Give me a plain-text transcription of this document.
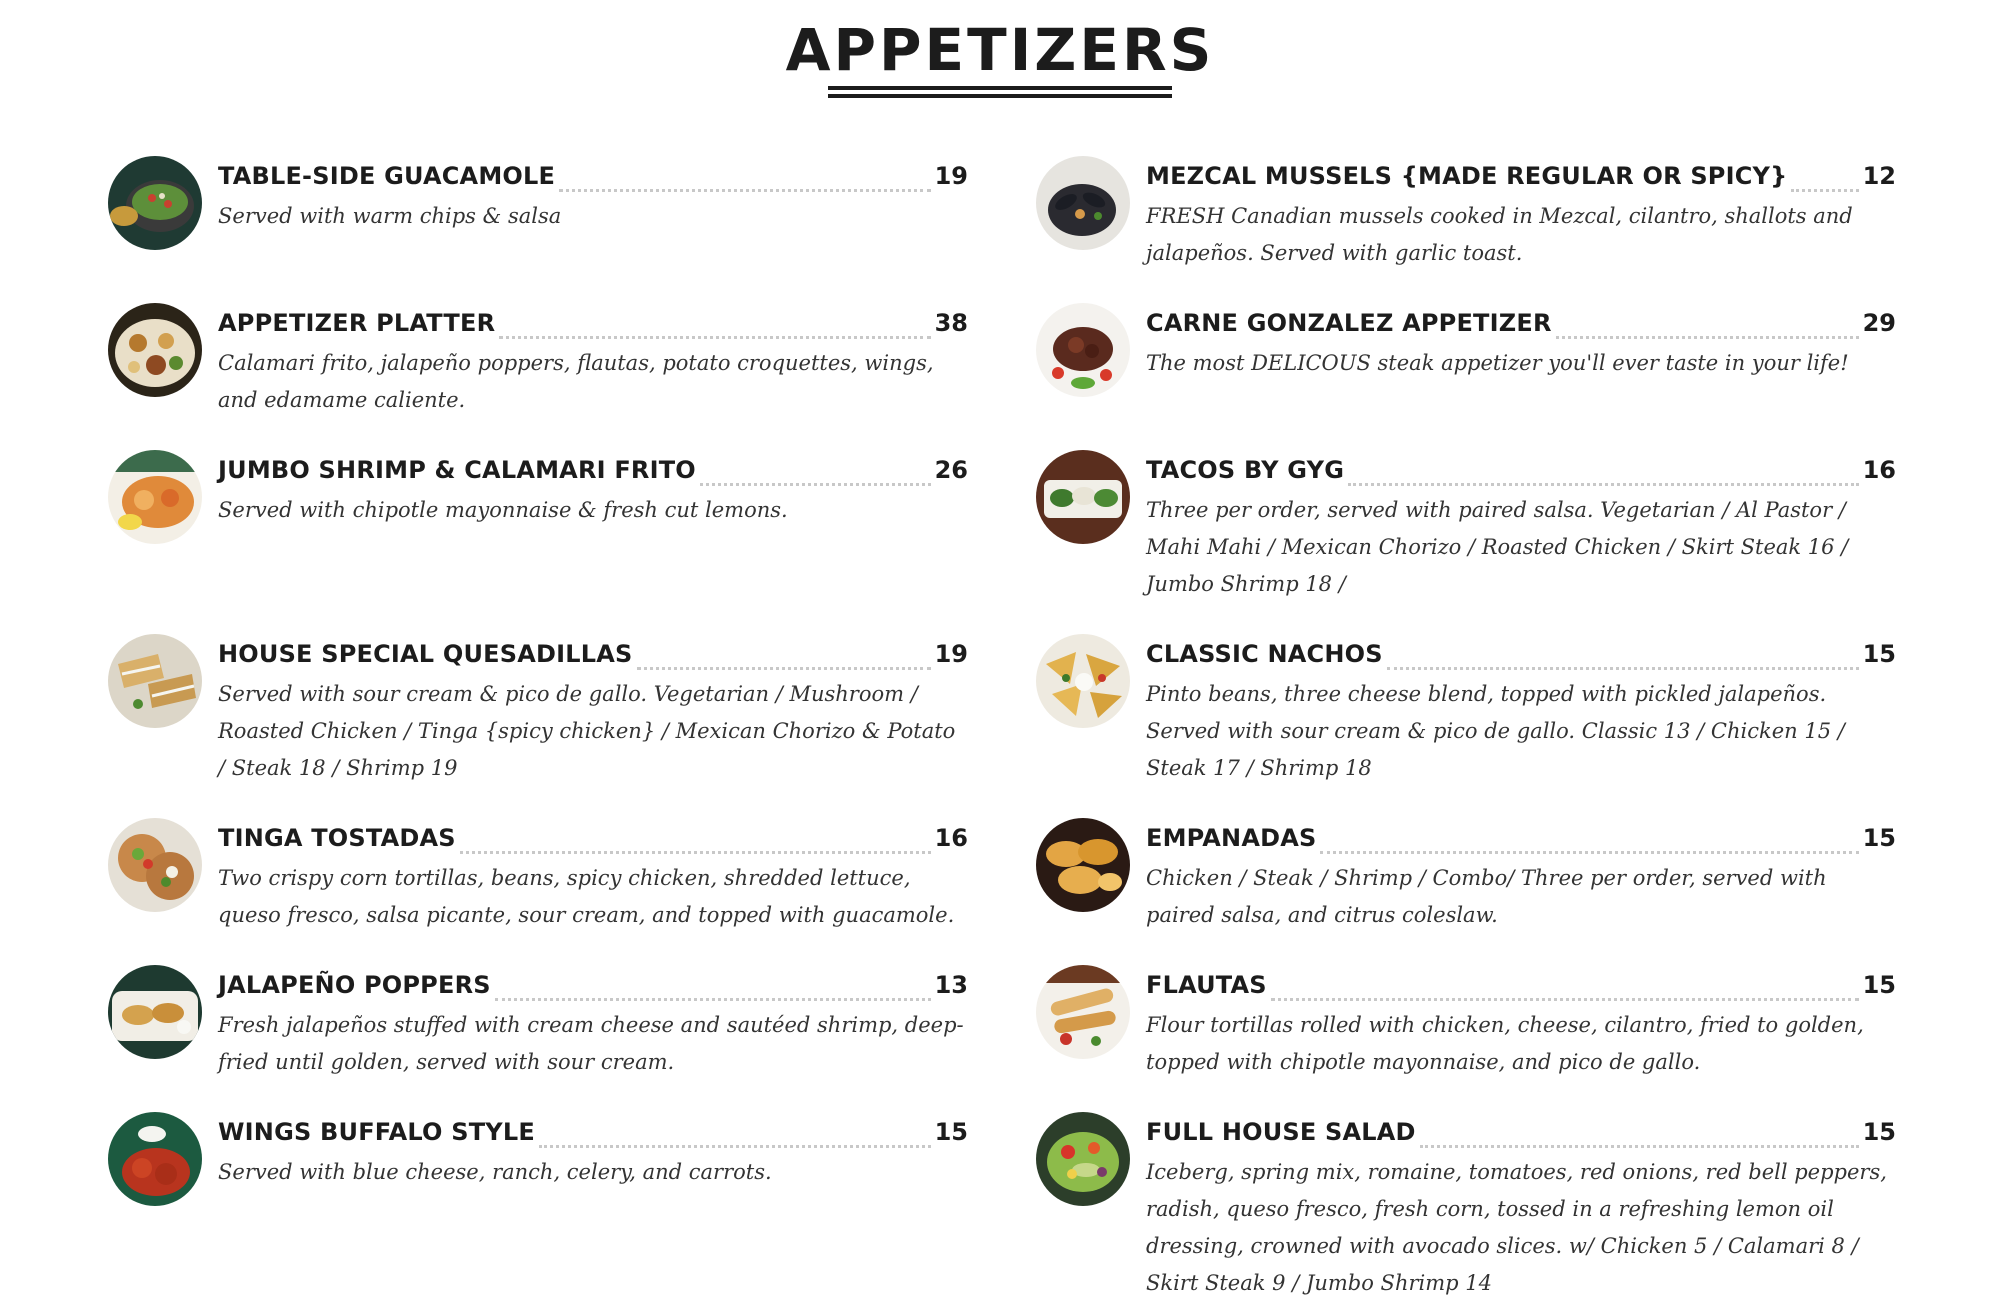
APPETIZERS
TABLE-SIDE GUACAMOLE	19
Served with warm chips & salsa
APPETIZER PLATTER	38
Calamari frito, jalapeño poppers, flautas, potato croquettes, wings, and edamame caliente.
JUMBO SHRIMP & CALAMARI FRITO	26
Served with chipotle mayonnaise & fresh cut lemons.
HOUSE SPECIAL QUESADILLAS	19
Served with sour cream & pico de gallo. Vegetarian / Mushroom / Roasted Chicken / Tinga {spicy chicken} / Mexican Chorizo & Potato / Steak 18 / Shrimp 19
TINGA TOSTADAS	16
Two crispy corn tortillas, beans, spicy chicken, shredded lettuce, queso fresco, salsa picante, sour cream, and topped with guacamole.
JALAPEÑO POPPERS	13
Fresh jalapeños stuffed with cream cheese and sautéed shrimp, deep-fried until golden, served with sour cream.
WINGS BUFFALO STYLE	15
Served with blue cheese, ranch, celery, and carrots.
MEZCAL MUSSELS {MADE REGULAR OR SPICY}	12
FRESH Canadian mussels cooked in Mezcal, cilantro, shallots and jalapeños. Served with garlic toast.
CARNE GONZALEZ APPETIZER	29
The most DELICOUS steak appetizer you'll ever taste in your life!
TACOS BY GYG	16
Three per order, served with paired salsa. Vegetarian / Al Pastor / Mahi Mahi / Mexican Chorizo / Roasted Chicken / Skirt Steak 16 / Jumbo Shrimp 18 /
CLASSIC NACHOS	15
Pinto beans, three cheese blend, topped with pickled jalapeños. Served with sour cream & pico de gallo. Classic 13 / Chicken 15 / Steak 17 / Shrimp 18
EMPANADAS	15
Chicken / Steak / Shrimp / Combo/ Three per order, served with paired salsa, and citrus coleslaw.
FLAUTAS	15
Flour tortillas rolled with chicken, cheese, cilantro, fried to golden, topped with chipotle mayonnaise, and pico de gallo.
FULL HOUSE SALAD	15
Iceberg, spring mix, romaine, tomatoes, red onions, red bell peppers, radish, queso fresco, fresh corn, tossed in a refreshing lemon oil dressing, crowned with avocado slices. w/ Chicken 5 / Calamari 8 / Skirt Steak 9 / Jumbo Shrimp 14
